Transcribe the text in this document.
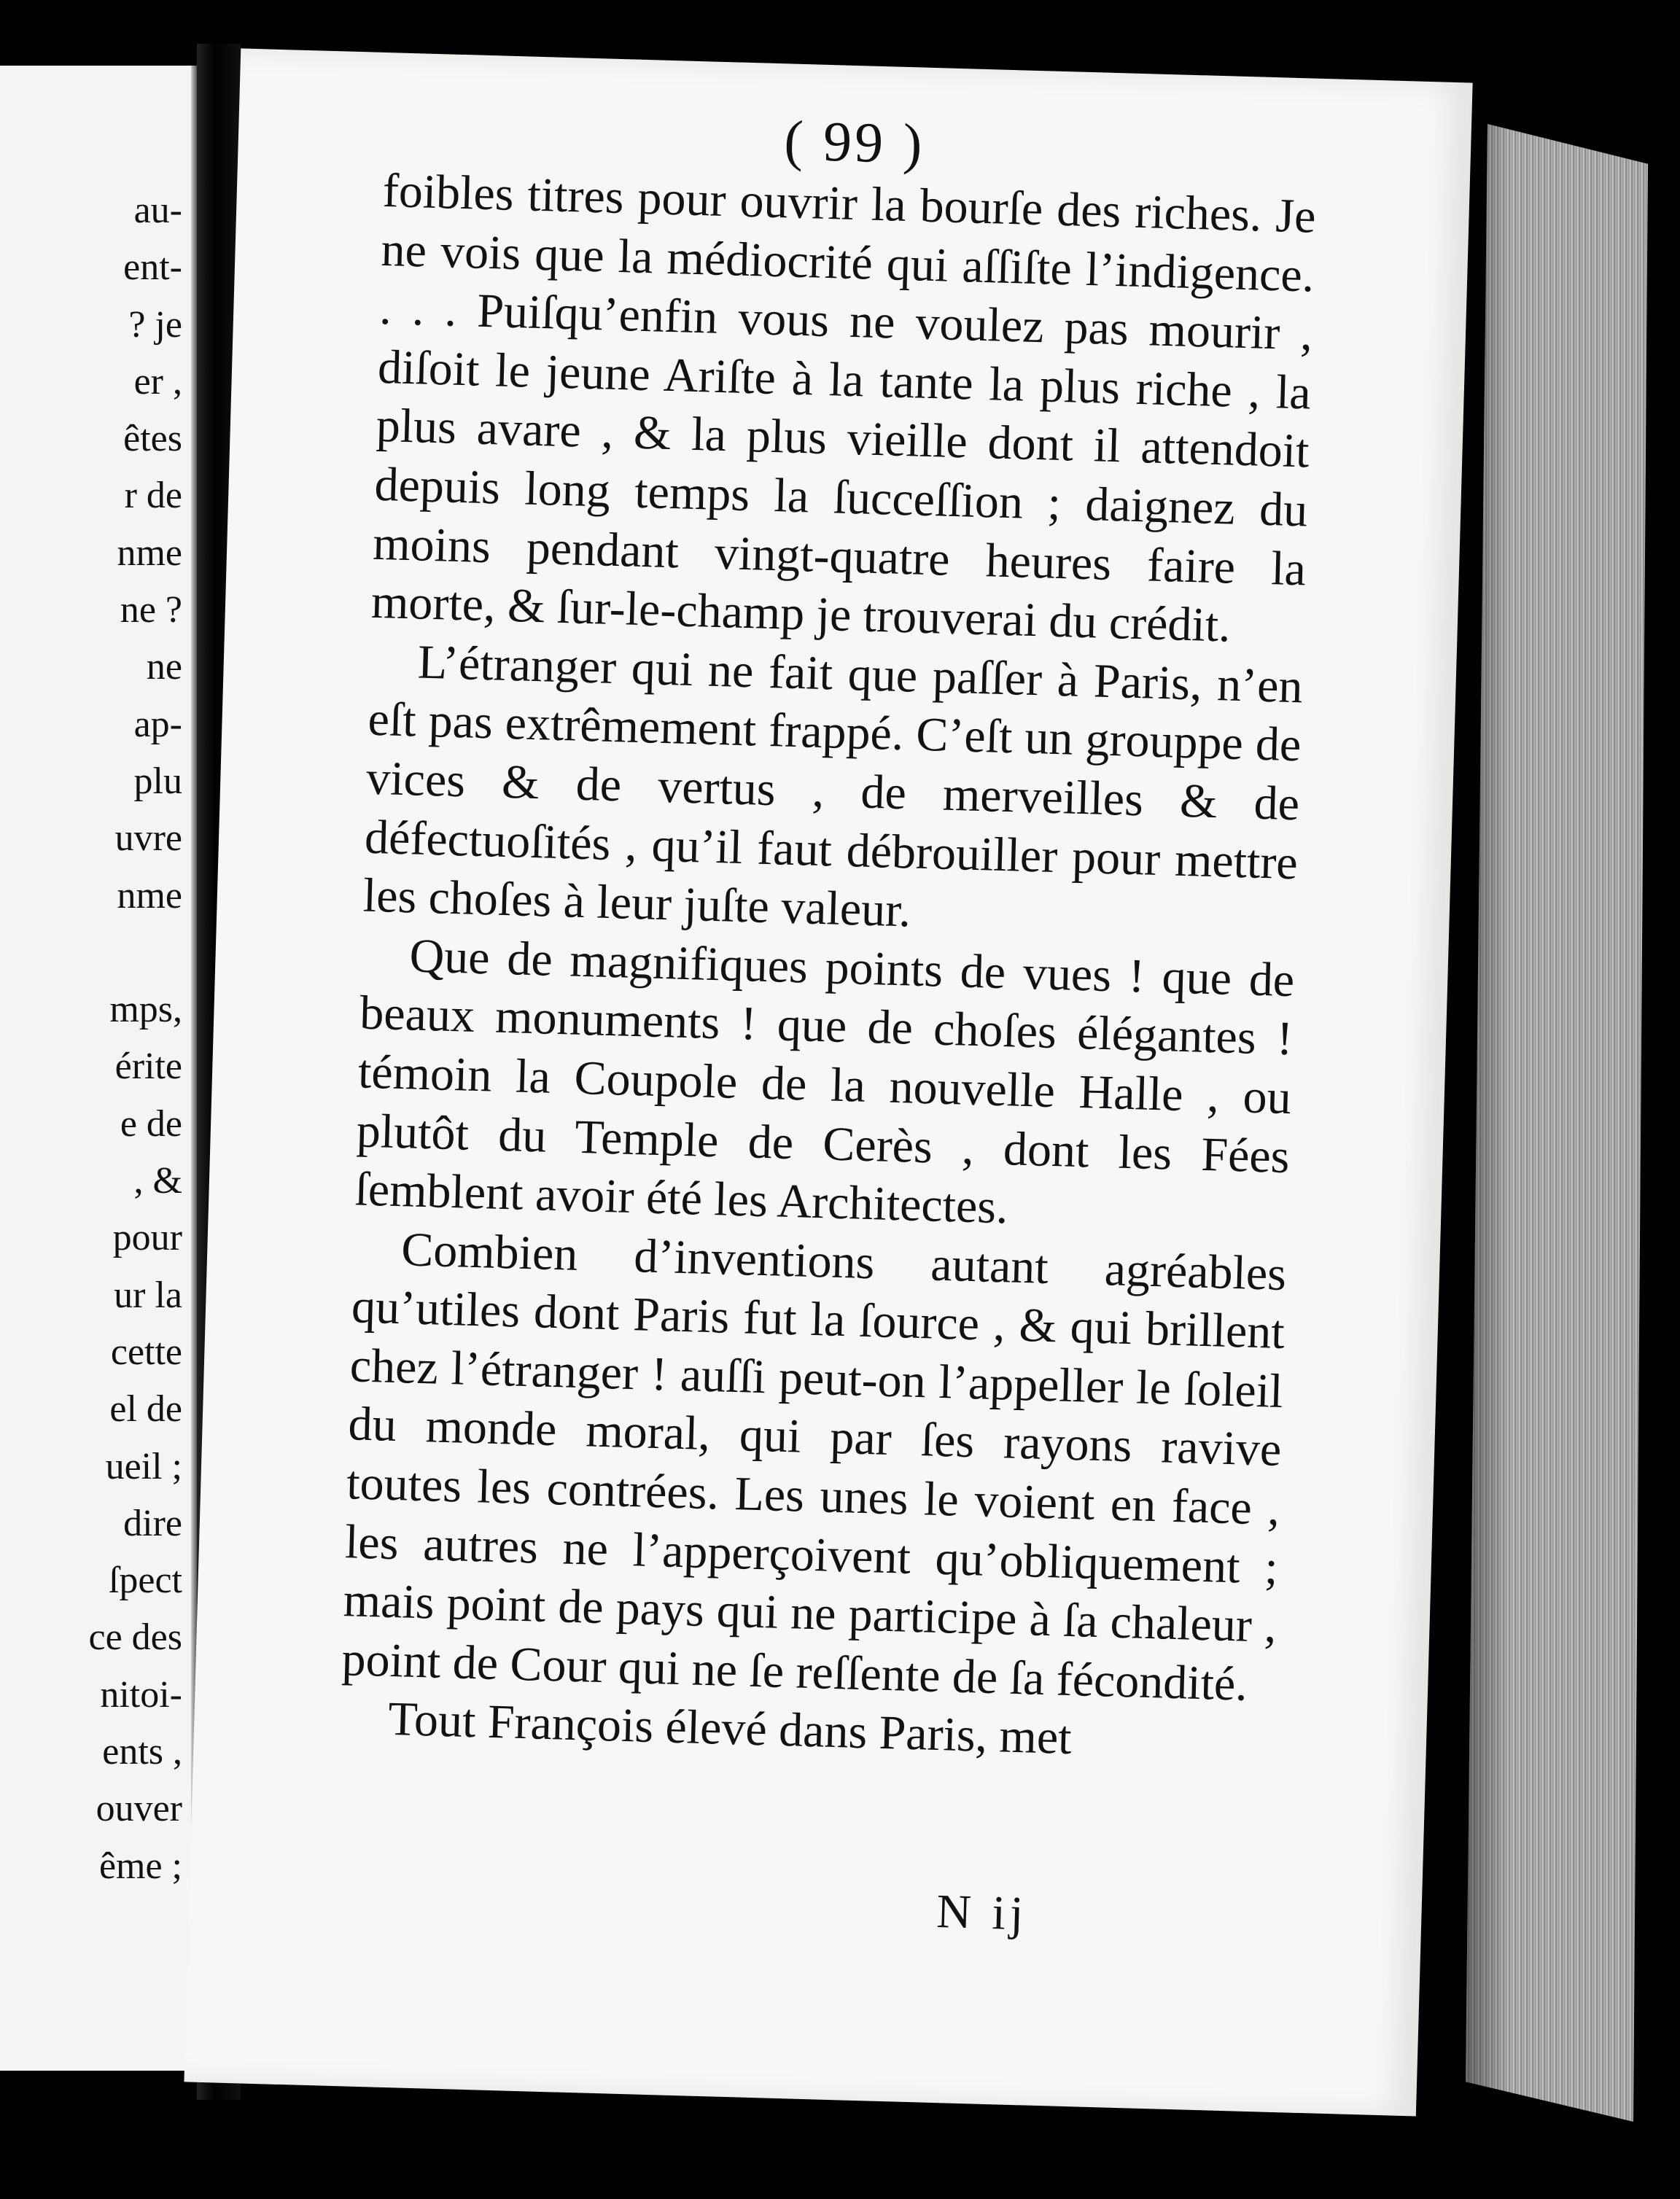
au-
ent-
? je
er ,
êtes
r de
nme
ne ?
ne
ap-
plu
uvre
nme
mps,
érite
e de
, &
pour
ur la
cette
el de
ueil ;
dire
ſpect
ce des
nitoi-
ents ,
ouver
ême ;
( 99 )

foibles titres pour ouvrir la bourſe des riches. Je ne vois que la médiocrité qui aſſiſte l’indigence. . . . Puiſqu’enfin vous ne voulez pas mourir , diſoit le jeune Ariſte à la tante la plus riche , la plus avare , & la plus vieille dont il attendoit depuis long temps la ſucceſſion ; daignez du moins pendant vingt-quatre heures faire la morte, & ſur-le-champ je trouverai du crédit.

L’étranger qui ne fait que paſſer à Paris, n’en eſt pas extrêmement frappé. C’eſt un grouppe de vices & de vertus , de merveilles & de défectuoſités , qu’il faut débrouiller pour mettre les choſes à leur juſte valeur.

Que de magnifiques points de vues ! que de beaux monuments ! que de choſes élégantes ! témoin la Coupole de la nouvelle Halle , ou plutôt du Temple de Cerès , dont les Fées ſemblent avoir été les Architectes.

Combien d’inventions autant agréables qu’utiles dont Paris fut la ſource , & qui brillent chez l’étranger ! auſſi peut-on l’appeller le ſoleil du monde moral, qui par ſes rayons ravive toutes les contrées. Les unes le voient en face , les autres ne l’apperçoivent qu’obliquement ; mais point de pays qui ne participe à ſa chaleur , point de Cour qui ne ſe reſſente de ſa fécondité.

Tout François élevé dans Paris, met

N ij
